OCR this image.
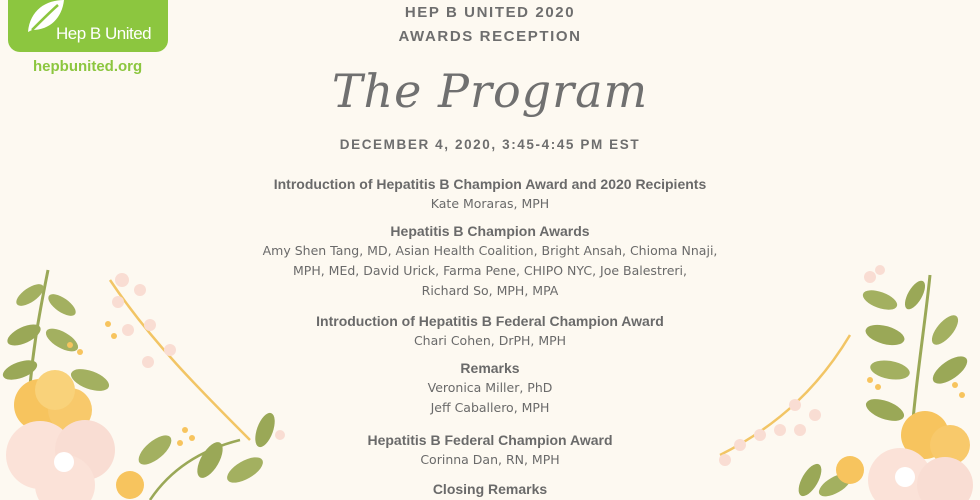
Hep B United
hepbunited.org
HEP B UNITED 2020
AWARDS RECEPTION
The Program
DECEMBER 4, 2020, 3:45-4:45 PM EST
Introduction of Hepatitis B Champion Award and 2020 Recipients
Kate Moraras, MPH
Hepatitis B Champion Awards
Amy Shen Tang, MD, Asian Health Coalition, Bright Ansah, Chioma Nnaji,
MPH, MEd, David Urick, Farma Pene, CHIPO NYC, Joe Balestreri,
Richard So, MPH, MPA
Introduction of Hepatitis B Federal Champion Award
Chari Cohen, DrPH, MPH
Remarks
Veronica Miller, PhD
Jeff Caballero, MPH
Hepatitis B Federal Champion Award
Corinna Dan, RN, MPH
Closing Remarks
